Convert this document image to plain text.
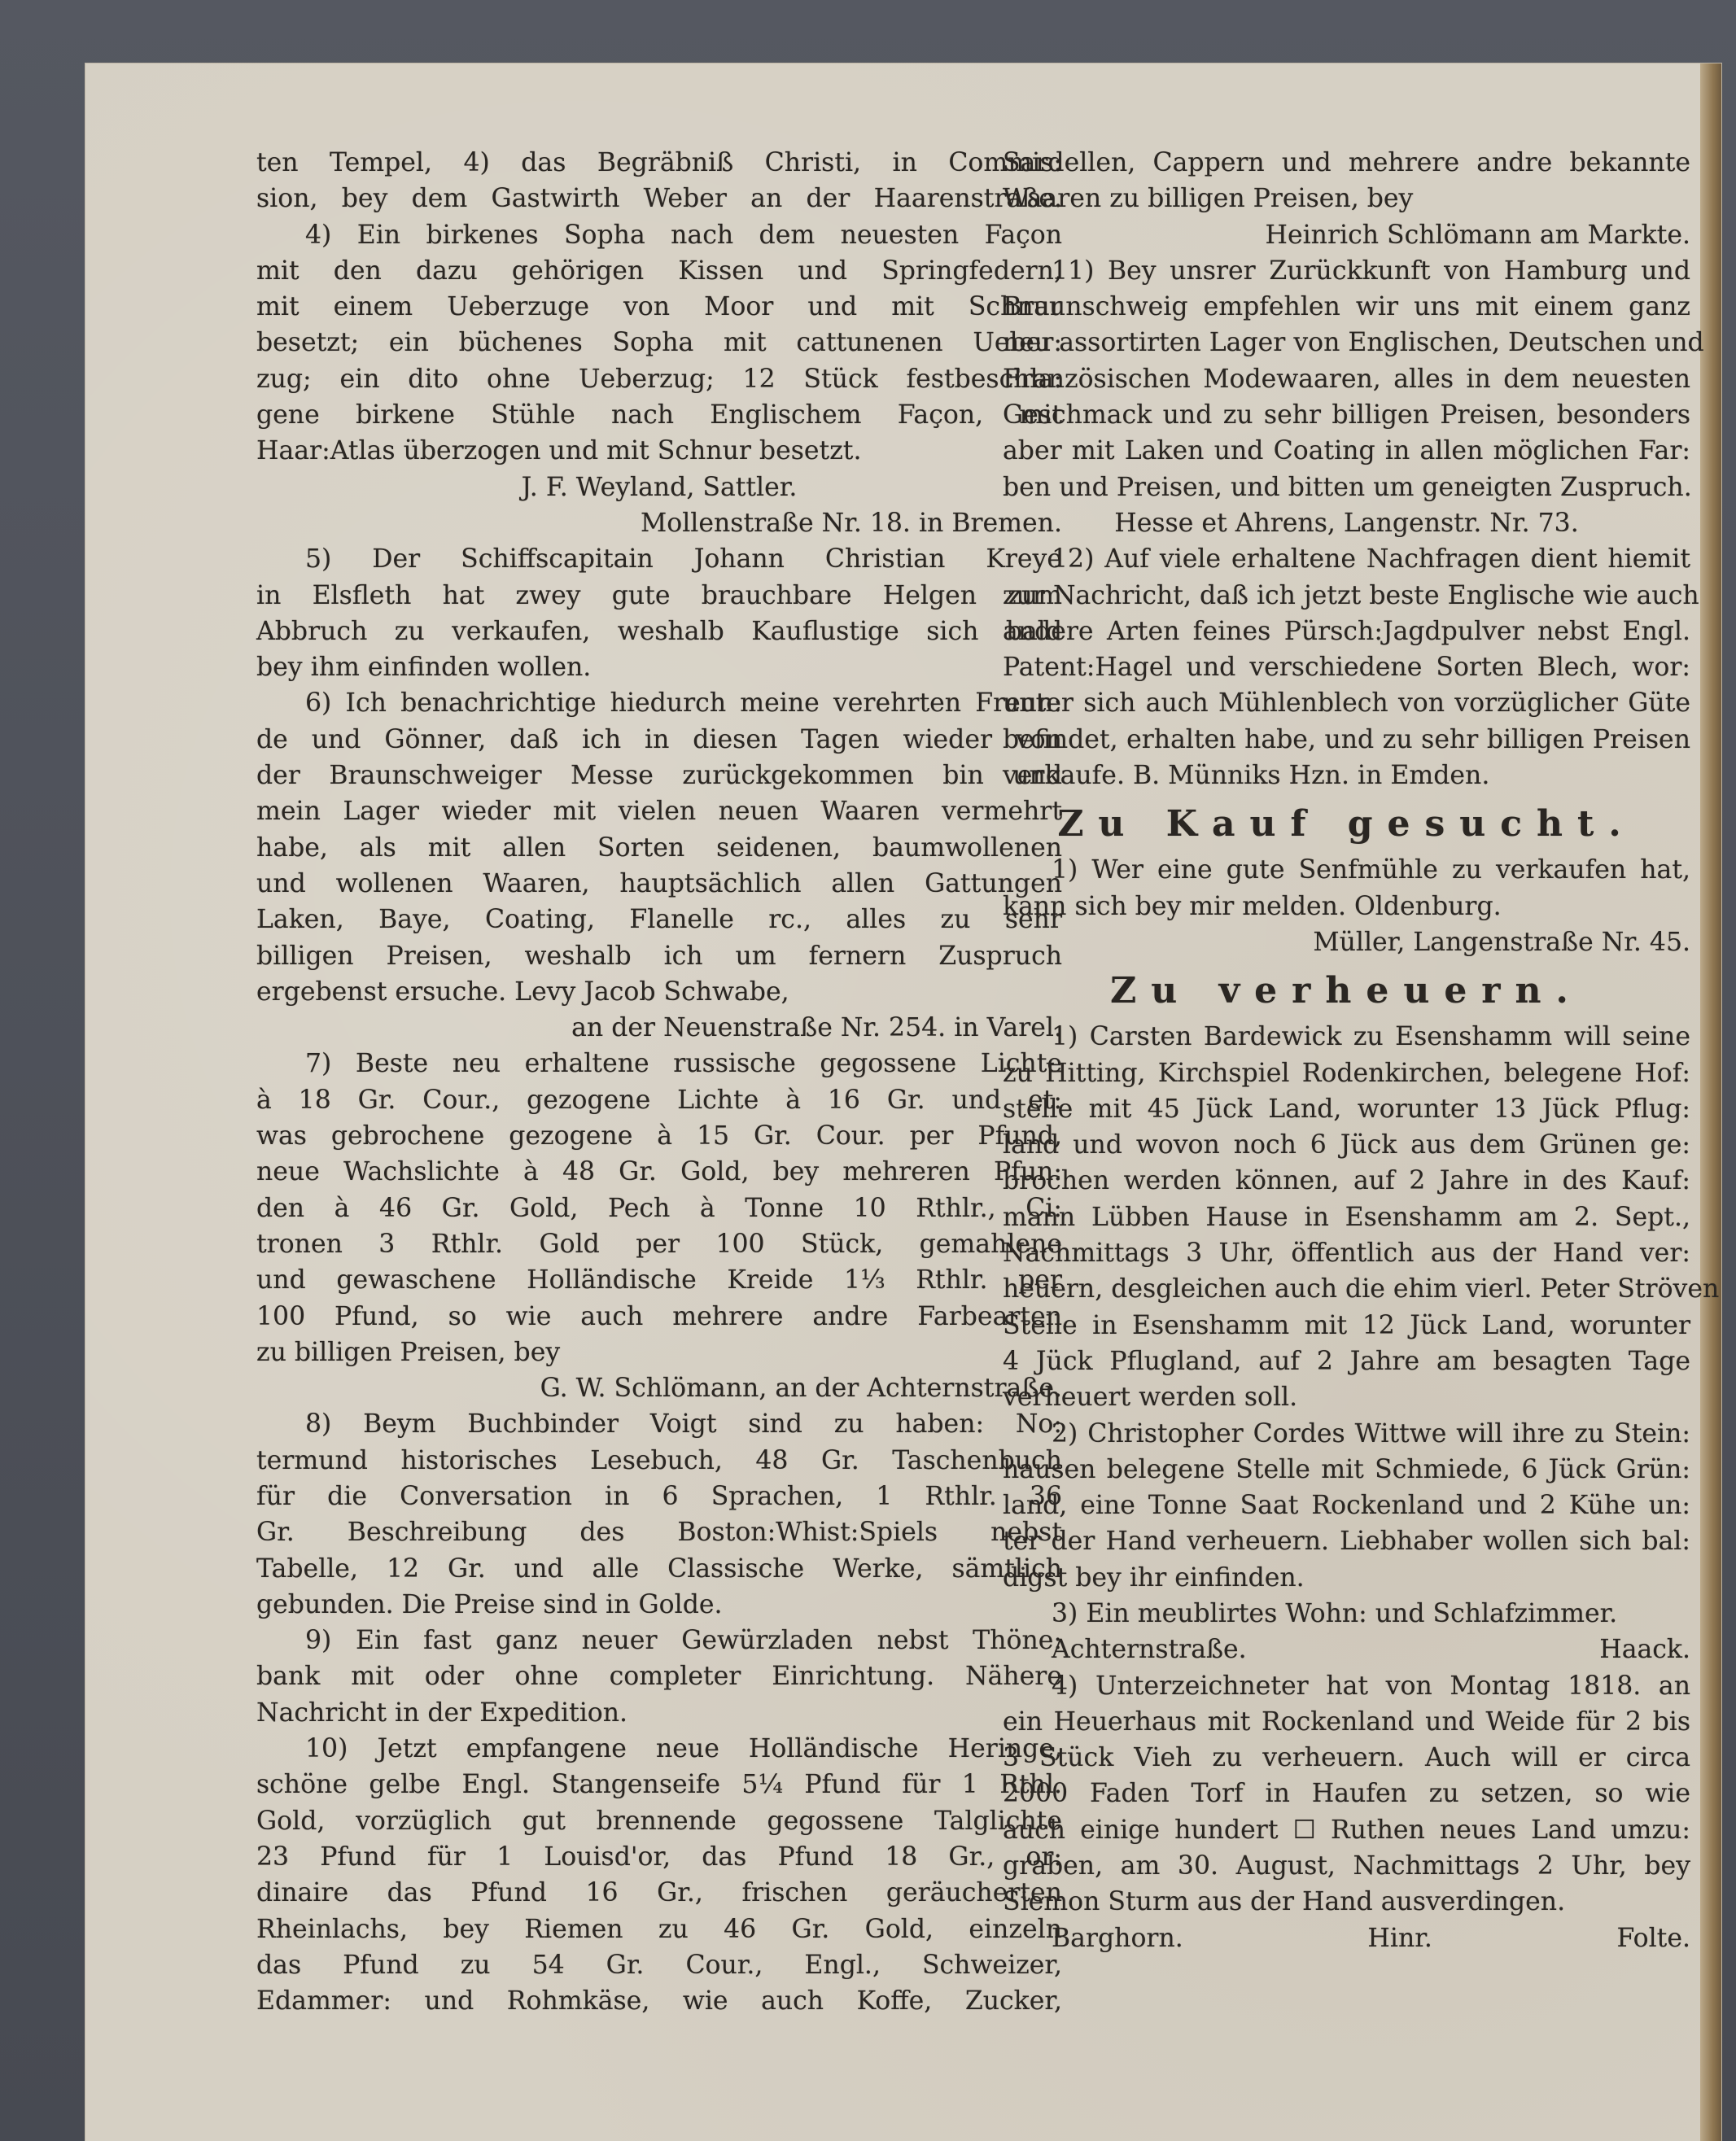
ten Tempel, 4) das Begräbniß Christi, in Commis:
sion, bey dem Gastwirth Weber an der Haarenstraße.
4) Ein birkenes Sopha nach dem neuesten Façon
mit den dazu gehörigen Kissen und Springfedern,
mit einem Ueberzuge von Moor und mit Schnur
besetzt; ein büchenes Sopha mit cattunenen Ueber:
zug; ein dito ohne Ueberzug; 12 Stück festbeschla:
gene birkene Stühle nach Englischem Façon, mit
Haar:Atlas überzogen und mit Schnur besetzt.
J. F. Weyland, Sattler.
Mollenstraße Nr. 18. in Bremen.
5) Der Schiffscapitain Johann Christian Kreye
in Elsfleth hat zwey gute brauchbare Helgen zum
Abbruch zu verkaufen, weshalb Kauflustige sich bald
bey ihm einfinden wollen.
6) Ich benachrichtige hiedurch meine verehrten Freun:
de und Gönner, daß ich in diesen Tagen wieder von
der Braunschweiger Messe zurückgekommen bin und
mein Lager wieder mit vielen neuen Waaren vermehrt
habe, als mit allen Sorten seidenen, baumwollenen
und wollenen Waaren, hauptsächlich allen Gattungen
Laken, Baye, Coating, Flanelle rc., alles zu sehr
billigen Preisen, weshalb ich um fernern Zuspruch
ergebenst ersuche. Levy Jacob Schwabe,
an der Neuenstraße Nr. 254. in Varel.
7) Beste neu erhaltene russische gegossene Lichte
à 18 Gr. Cour., gezogene Lichte à 16 Gr. und et:
was gebrochene gezogene à 15 Gr. Cour. per Pfund,
neue Wachslichte à 48 Gr. Gold, bey mehreren Pfun:
den à 46 Gr. Gold, Pech à Tonne 10 Rthlr., Ci:
tronen 3 Rthlr. Gold per 100 Stück, gemahlene
und gewaschene Holländische Kreide 1⅓ Rthlr. per
100 Pfund, so wie auch mehrere andre Farbearten
zu billigen Preisen, bey
G. W. Schlömann, an der Achternstraße.
8) Beym Buchbinder Voigt sind zu haben: No:
termund historisches Lesebuch, 48 Gr. Taschenbuch
für die Conversation in 6 Sprachen, 1 Rthlr. 36
Gr. Beschreibung des Boston:Whist:Spiels nebst
Tabelle, 12 Gr. und alle Classische Werke, sämtlich
gebunden. Die Preise sind in Golde.
9) Ein fast ganz neuer Gewürzladen nebst Thöne:
bank mit oder ohne completer Einrichtung. Nähere
Nachricht in der Expedition.
10) Jetzt empfangene neue Holländische Heringe,
schöne gelbe Engl. Stangenseife 5¼ Pfund für 1 Rthl.
Gold, vorzüglich gut brennende gegossene Talglichte
23 Pfund für 1 Louisd'or, das Pfund 18 Gr., or:
dinaire das Pfund 16 Gr., frischen geräucherten
Rheinlachs, bey Riemen zu 46 Gr. Gold, einzeln
das Pfund zu 54 Gr. Cour., Engl., Schweizer,
Edammer: und Rohmkäse, wie auch Koffe, Zucker,
Sardellen, Cappern und mehrere andre bekannte
Waaren zu billigen Preisen, bey
Heinrich Schlömann am Markte.
11) Bey unsrer Zurückkunft von Hamburg und
Braunschweig empfehlen wir uns mit einem ganz
neu assortirten Lager von Englischen, Deutschen und
Französischen Modewaaren, alles in dem neuesten
Geschmack und zu sehr billigen Preisen, besonders
aber mit Laken und Coating in allen möglichen Far:
ben und Preisen, und bitten um geneigten Zuspruch.
Hesse et Ahrens, Langenstr. Nr. 73.
12) Auf viele erhaltene Nachfragen dient hiemit
zur Nachricht, daß ich jetzt beste Englische wie auch
andere Arten feines Pürsch:Jagdpulver nebst Engl.
Patent:Hagel und verschiedene Sorten Blech, wor:
unter sich auch Mühlenblech von vorzüglicher Güte
befindet, erhalten habe, und zu sehr billigen Preisen
verkaufe. B. Münniks Hzn. in Emden.
Zu Kauf gesucht.
1) Wer eine gute Senfmühle zu verkaufen hat,
kann sich bey mir melden. Oldenburg.
Müller, Langenstraße Nr. 45.
Zu verheuern.
1) Carsten Bardewick zu Esenshamm will seine
zu Hitting, Kirchspiel Rodenkirchen, belegene Hof:
stelle mit 45 Jück Land, worunter 13 Jück Pflug:
land und wovon noch 6 Jück aus dem Grünen ge:
brochen werden können, auf 2 Jahre in des Kauf:
mann Lübben Hause in Esenshamm am 2. Sept.,
Nachmittags 3 Uhr, öffentlich aus der Hand ver:
heuern, desgleichen auch die ehim vierl. Peter Ströven
Stelle in Esenshamm mit 12 Jück Land, worunter
4 Jück Pflugland, auf 2 Jahre am besagten Tage
verheuert werden soll.
2) Christopher Cordes Wittwe will ihre zu Stein:
hausen belegene Stelle mit Schmiede, 6 Jück Grün:
land, eine Tonne Saat Rockenland und 2 Kühe un:
ter der Hand verheuern. Liebhaber wollen sich bal:
digst bey ihr einfinden.
3) Ein meublirtes Wohn: und Schlafzimmer.
Achternstraße. Haack.
4) Unterzeichneter hat von Montag 1818. an
ein Heuerhaus mit Rockenland und Weide für 2 bis
3 Stück Vieh zu verheuern. Auch will er circa
2000 Faden Torf in Haufen zu setzen, so wie
auch einige hundert ☐ Ruthen neues Land umzu:
graben, am 30. August, Nachmittags 2 Uhr, bey
Siemon Sturm aus der Hand ausverdingen.
Barghorn. Hinr. Folte.
